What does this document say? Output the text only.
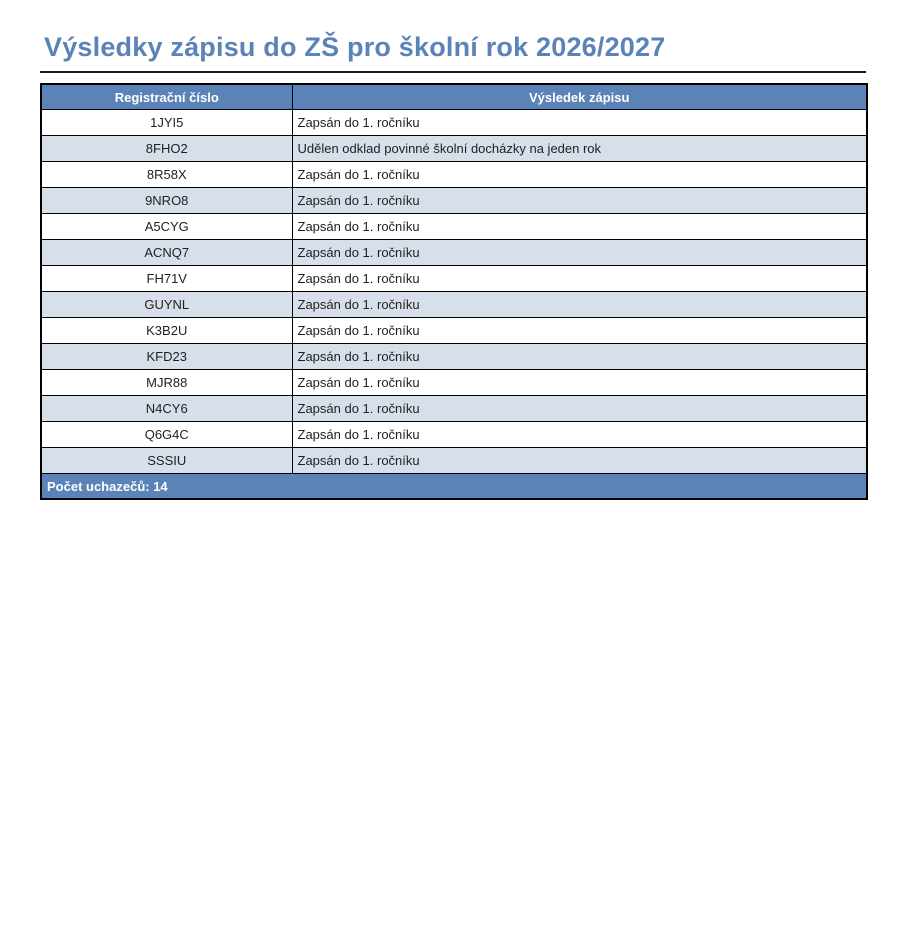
Výsledky zápisu do ZŠ pro školní rok 2026/2027
Registrační číslo	Výsledek zápisu
1JYI5	Zapsán do 1. ročníku
8FHO2	Udělen odklad povinné školní docházky na jeden rok
8R58X	Zapsán do 1. ročníku
9NRO8	Zapsán do 1. ročníku
A5CYG	Zapsán do 1. ročníku
ACNQ7	Zapsán do 1. ročníku
FH71V	Zapsán do 1. ročníku
GUYNL	Zapsán do 1. ročníku
K3B2U	Zapsán do 1. ročníku
KFD23	Zapsán do 1. ročníku
MJR88	Zapsán do 1. ročníku
N4CY6	Zapsán do 1. ročníku
Q6G4C	Zapsán do 1. ročníku
SSSIU	Zapsán do 1. ročníku
Počet uchazečů: 14	
